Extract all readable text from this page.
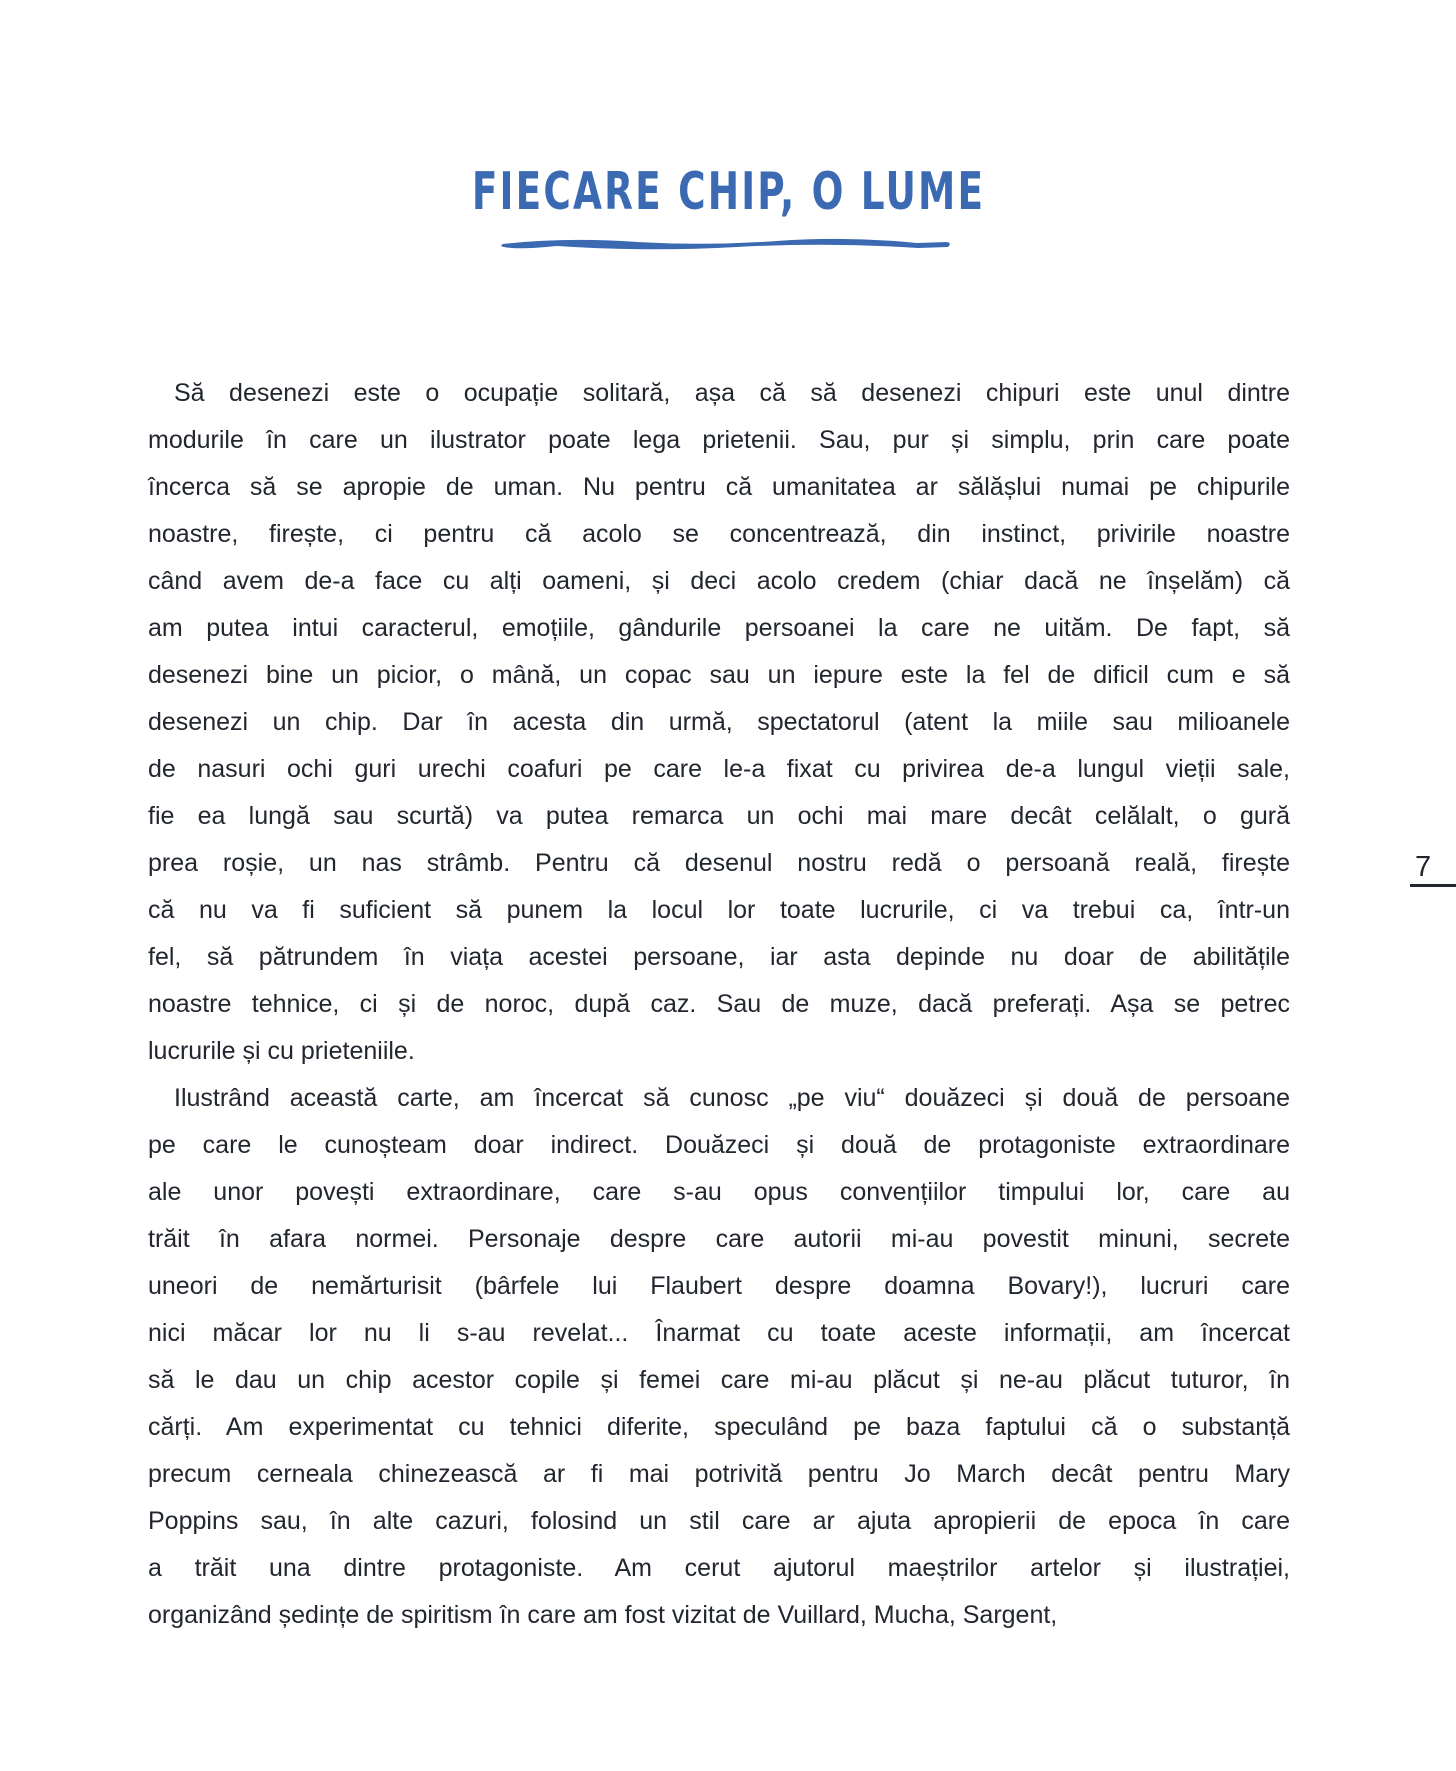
FIECARE CHIP, O LUME
Să desenezi este o ocupație solitară, așa că să desenezi chipuri este unul dintre
modurile în care un ilustrator poate lega prietenii. Sau, pur și simplu, prin care poate
încerca să se apropie de uman. Nu pentru că umanitatea ar sălășlui numai pe chipurile
noastre, firește, ci pentru că acolo se concentrează, din instinct, privirile noastre
când avem de-a face cu alți oameni, și deci acolo credem (chiar dacă ne înșelăm) că
am putea intui caracterul, emoțiile, gândurile persoanei la care ne uităm. De fapt, să
desenezi bine un picior, o mână, un copac sau un iepure este la fel de dificil cum e să
desenezi un chip. Dar în acesta din urmă, spectatorul (atent la miile sau milioanele
de nasuri ochi guri urechi coafuri pe care le-a fixat cu privirea de-a lungul vieții sale,
fie ea lungă sau scurtă) va putea remarca un ochi mai mare decât celălalt, o gură
prea roșie, un nas strâmb. Pentru că desenul nostru redă o persoană reală, firește
că nu va fi suficient să punem la locul lor toate lucrurile, ci va trebui ca, într-un
fel, să pătrundem în viața acestei persoane, iar asta depinde nu doar de abilitățile
noastre tehnice, ci și de noroc, după caz. Sau de muze, dacă preferați. Așa se petrec
lucrurile și cu prieteniile.
Ilustrând această carte, am încercat să cunosc „pe viu“ douăzeci și două de persoane
pe care le cunoșteam doar indirect. Douăzeci și două de protagoniste extraordinare
ale unor povești extraordinare, care s-au opus convențiilor timpului lor, care au
trăit în afara normei. Personaje despre care autorii mi-au povestit minuni, secrete
uneori de nemărturisit (bârfele lui Flaubert despre doamna Bovary!), lucruri care
nici măcar lor nu li s-au revelat... Înarmat cu toate aceste informații, am încercat
să le dau un chip acestor copile și femei care mi-au plăcut și ne-au plăcut tuturor, în
cărți. Am experimentat cu tehnici diferite, speculând pe baza faptului că o substanță
precum cerneala chinezească ar fi mai potrivită pentru Jo March decât pentru Mary
Poppins sau, în alte cazuri, folosind un stil care ar ajuta apropierii de epoca în care
a trăit una dintre protagoniste. Am cerut ajutorul maeștrilor artelor și ilustrației,
organizând ședințe de spiritism în care am fost vizitat de Vuillard, Mucha, Sargent,
7
